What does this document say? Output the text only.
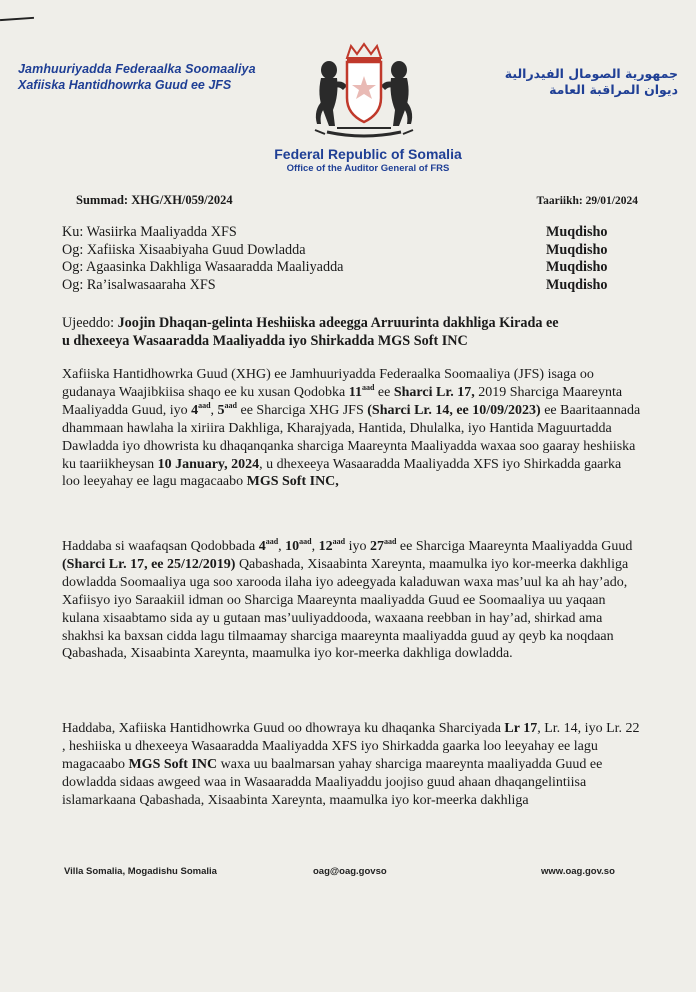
Jamhuuriyadda Federaalka Soomaaliya
Xafiiska Hantidhowrka Guud ee JFS
جمهورية الصومال الفيدرالية
ديوان المراقبة العامة
Federal Republic of Somalia
Office of the Auditor General of FRS
Summad: XHG/XH/059/2024	Taariikh: 29/01/2024
Ku: Wasiirka Maaliyadda XFS	Muqdisho
Og: Xafiiska Xisaabiyaha Guud Dowladda	Muqdisho
Og: Agaasinka Dakhliga Wasaaradda Maaliyadda	Muqdisho
Og: Ra’isalwasaaraha XFS	Muqdisho
Ujeeddo: Joojin Dhaqan-gelinta Heshiiska adeegga Arruurinta dakhliga Kirada ee
u dhexeeya Wasaaradda Maaliyadda iyo Shirkadda MGS Soft INC
Xafiiska Hantidhowrka Guud (XHG) ee Jamhuuriyadda Federaalka Soomaaliya (JFS) isaga oo gudanaya Waajibkiisa shaqo ee ku xusan Qodobka $11^{aad}$ ee Sharci Lr. 17, 2019 Sharciga Maareynta Maaliyadda Guud, iyo $4^{aad}$, $5^{aad}$ ee Sharciga XHG JFS (Sharci Lr. 14, ee 10/09/2023) ee Baaritaannada dhammaan hawlaha la xiriira Dakhliga, Kharajyada, Hantida, Dhulalka, iyo Hantida Maguurtadda Dawladda iyo dhowrista ku dhaqanqanka sharciga Maareynta Maaliyadda waxaa soo gaaray heshiiska ku taariikheysan 10 January, 2024, u dhexeeya Wasaaradda Maaliyadda XFS iyo Shirkadda gaarka loo leeyahay ee lagu magacaabo MGS Soft INC,
Haddaba si waafaqsan Qodobbada $4^{aad}$, $10^{aad}$, $12^{aad}$ iyo $27^{aad}$ ee Sharciga Maareynta Maaliyadda Guud (Sharci Lr. 17, ee 25/12/2019) Qabashada, Xisaabinta Xareynta, maamulka iyo kor-meerka dakhliga dowladda Soomaaliya uga soo xarooda ilaha iyo adeegyada kaladuwan waxa mas’uul ka ah hay’ado, Xafiisyo iyo Saraakiil idman oo Sharciga Maareynta maaliyadda Guud ee Soomaaliya uu yaqaan kulana xisaabtamo sida ay u gutaan mas’uuliyaddooda, waxaana reebban in hay’ad, shirkad ama shakhsi ka baxsan cidda lagu tilmaamay sharciga maareynta maaliyadda guud ay qeyb ka noqdaan Qabashada, Xisaabinta Xareynta, maamulka iyo kor-meerka dakhliga dowladda.
Haddaba, Xafiiska Hantidhowrka Guud oo dhowraya ku dhaqanka Sharciyada Lr 17, Lr. 14, iyo Lr. 22 , heshiiska u dhexeeya Wasaaradda Maaliyadda XFS iyo Shirkadda gaarka loo leeyahay ee lagu magacaabo MGS Soft INC waxa uu baalmarsan yahay sharciga maareynta maaliyadda Guud ee dowladda sidaas awgeed waa in Wasaaradda Maaliyaddu joojiso guud ahaan dhaqangelintiisa islamarkaana Qabashada, Xisaabinta Xareynta, maamulka iyo kor-meerka dakhliga
Villa Somalia, Mogadishu Somalia	oag@oag.govso	www.oag.gov.so
